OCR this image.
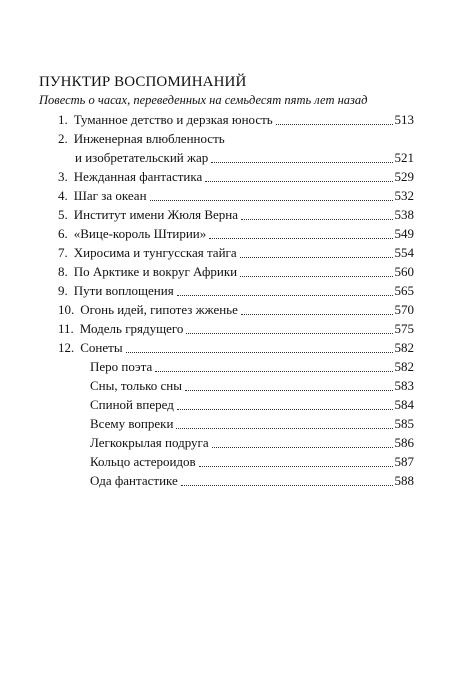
ПУНКТИР ВОСПОМИНАНИЙ
Повесть о часах, переведенных на семьдесят пять лет назад
1. Туманное детство и дерзкая юность	513
2. Инженерная влюбленность
и изобретательский жар	521
3. Нежданная фантастика	529
4. Шаг за океан	532
5. Институт имени Жюля Верна	538
6. «Вице-король Штирии»	549
7. Хиросима и тунгусская тайга	554
8. По Арктике и вокруг Африки	560
9. Пути воплощения	565
10. Огонь идей, гипотез жженье	570
11. Модель грядущего	575
12. Сонеты	582
Перо поэта	582
Сны, только сны	583
Спиной вперед	584
Всему вопреки	585
Легкокрылая подруга	586
Кольцо астероидов	587
Ода фантастике	588
